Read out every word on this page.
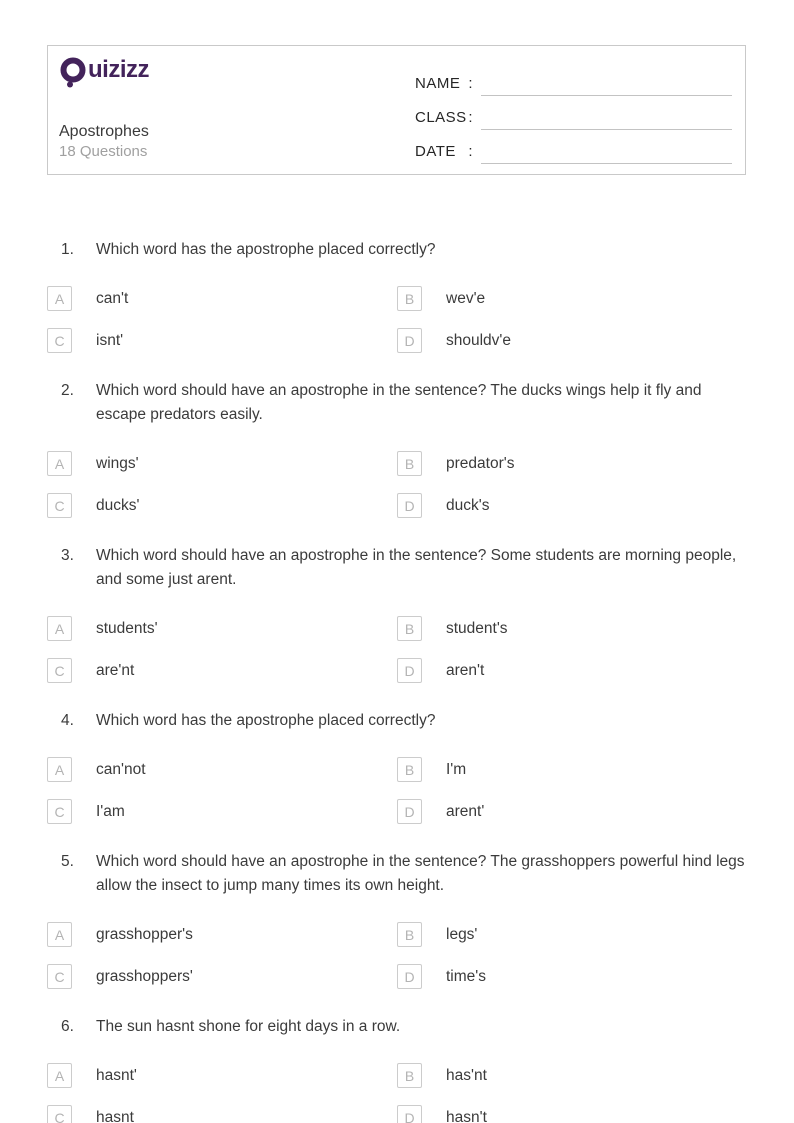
uizizz
Apostrophes
18 Questions
NAME :
CLASS :
DATE :
1.	Which word has the apostrophe placed correctly?
A	can't	B	wev'e
C	isnt'	D	shouldv'e
2.	Which word should have an apostrophe in the sentence? The ducks wings help it fly and escape predators easily.
A	wings'	B	predator's
C	ducks'	D	duck's
3.	Which word should have an apostrophe in the sentence? Some students are morning people, and some just arent.
A	students'	B	student's
C	are'nt	D	aren't
4.	Which word has the apostrophe placed correctly?
A	can'not	B	I'm
C	I'am	D	arent'
5.	Which word should have an apostrophe in the sentence? The grasshoppers powerful hind legs allow the insect to jump many times its own height.
A	grasshopper's	B	legs'
C	grasshoppers'	D	time's
6.	The sun hasnt shone for eight days in a row.
A	hasnt'	B	has'nt
C	hasnt	D	hasn't
